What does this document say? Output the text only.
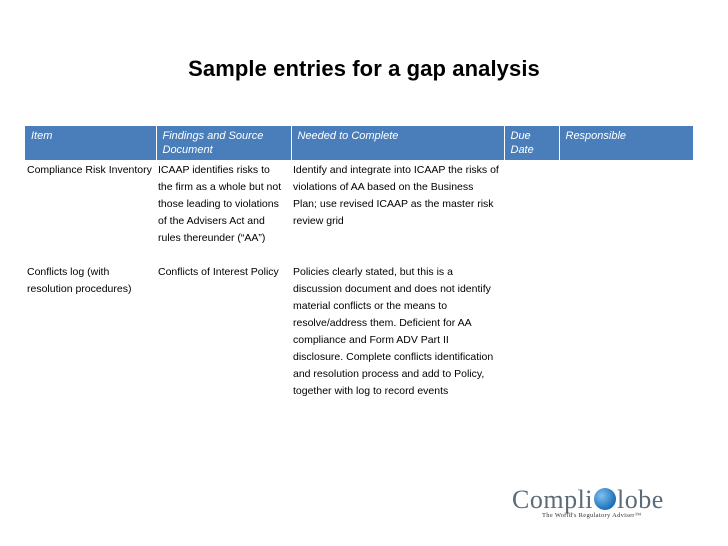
Sample entries for a gap analysis
Item	Findings and Source Document	Needed to Complete	Due Date	Responsible
Compliance Risk Inventory	ICAAP identifies risks to the firm as a whole but not those leading to violations of the Advisers Act and rules thereunder (“AA”)	Identify and integrate into ICAAP the risks of violations of AA based on the Business Plan; use revised ICAAP as the master risk review grid		
Conflicts log (with resolution procedures)	Conflicts of Interest Policy	Policies clearly stated, but this is a discussion document and does not identify material conflicts or the means to resolve/address them. Deficient for AA compliance and Form ADV Part II disclosure. Complete conflicts identification and resolution process and add to Policy, together with log to record events		
Compli lobe
The World's Regulatory Adviser™
